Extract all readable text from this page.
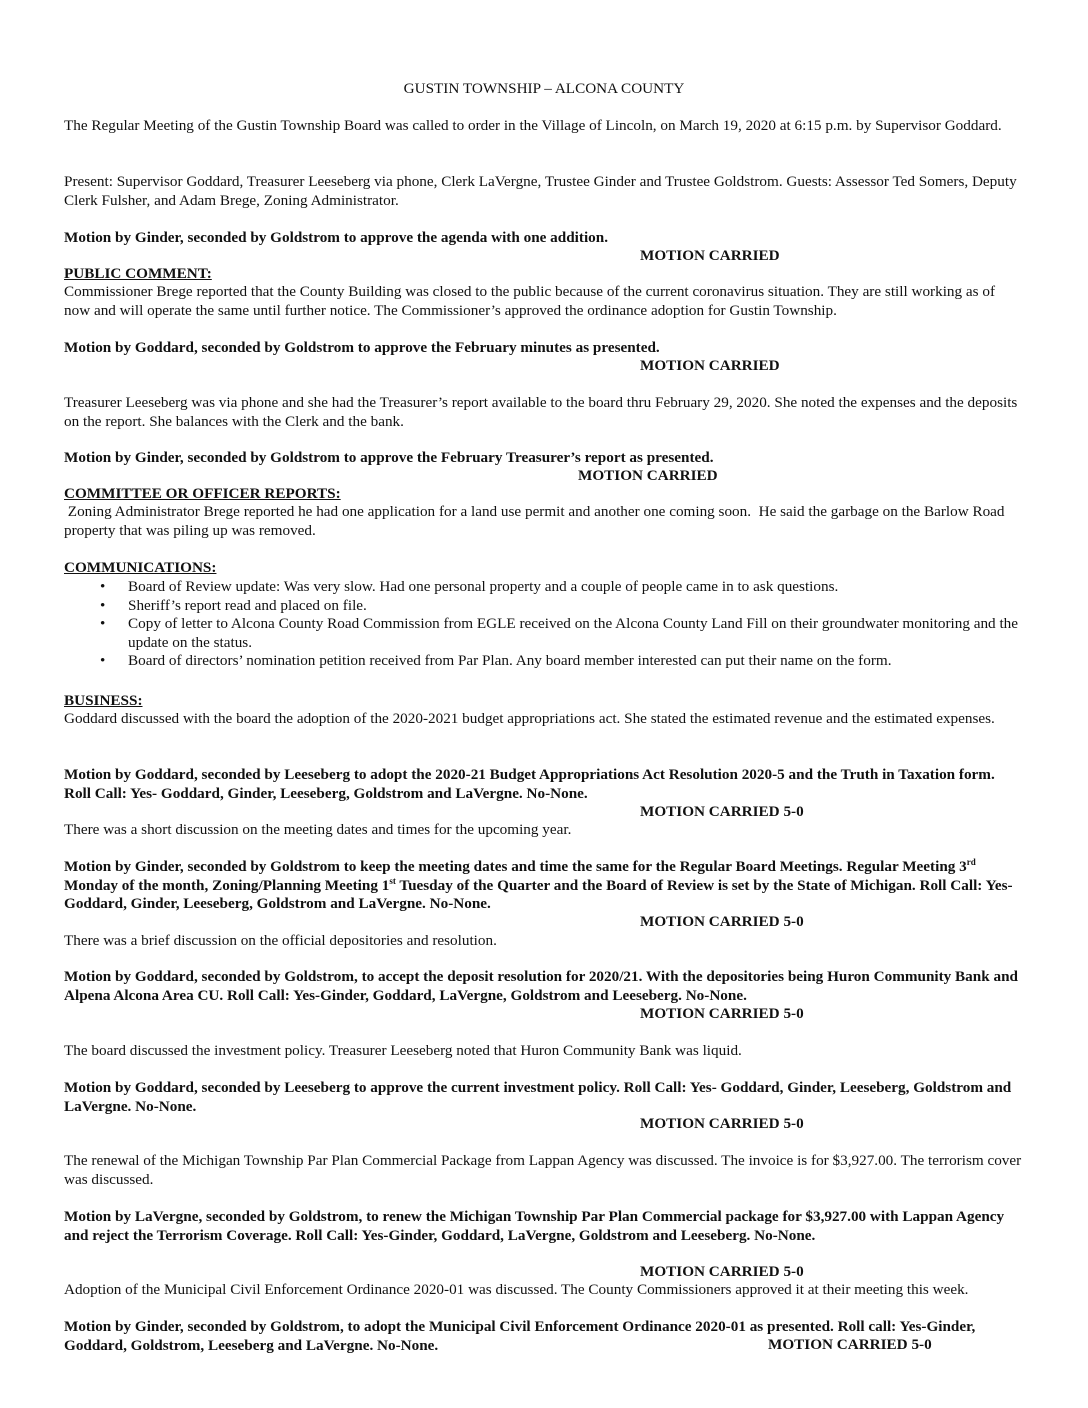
GUSTIN TOWNSHIP – ALCONA COUNTY

The Regular Meeting of the Gustin Township Board was called to order in the Village of Lincoln, on March 19, 2020 at 6:15 p.m. by Supervisor Goddard.

Present: Supervisor Goddard, Treasurer Leeseberg via phone, Clerk LaVergne, Trustee Ginder and Trustee Goldstrom. Guests: Assessor Ted Somers, Deputy Clerk Fulsher, and Adam Brege, Zoning Administrator.

Motion by Ginder, seconded by Goldstrom to approve the agenda with one addition.

MOTION CARRIED

PUBLIC COMMENT:

Commissioner Brege reported that the County Building was closed to the public because of the current coronavirus situation. They are still working as of now and will operate the same until further notice. The Commissioner’s approved the ordinance adoption for Gustin Township.

Motion by Goddard, seconded by Goldstrom to approve the February minutes as presented.

MOTION CARRIED

Treasurer Leeseberg was via phone and she had the Treasurer’s report available to the board thru February 29, 2020. She noted the expenses and the deposits on the report. She balances with the Clerk and the bank.

Motion by Ginder, seconded by Goldstrom to approve the February Treasurer’s report as presented.

MOTION CARRIED

COMMITTEE OR OFFICER REPORTS:

Zoning Administrator Brege reported he had one application for a land use permit and another one coming soon.  He said the garbage on the Barlow Road property that was piling up was removed.

COMMUNICATIONS:

• Board of Review update: Was very slow. Had one personal property and a couple of people came in to ask questions.
• Sheriff’s report read and placed on file.
• Copy of letter to Alcona County Road Commission from EGLE received on the Alcona County Land Fill on their groundwater monitoring and the update on the status.
• Board of directors’ nomination petition received from Par Plan. Any board member interested can put their name on the form.

BUSINESS:

Goddard discussed with the board the adoption of the 2020-2021 budget appropriations act. She stated the estimated revenue and the estimated expenses.

Motion by Goddard, seconded by Leeseberg to adopt the 2020-21 Budget Appropriations Act Resolution 2020-5 and the Truth in Taxation form. Roll Call: Yes- Goddard, Ginder, Leeseberg, Goldstrom and LaVergne. No-None.

MOTION CARRIED 5-0

There was a short discussion on the meeting dates and times for the upcoming year.

Motion by Ginder, seconded by Goldstrom to keep the meeting dates and time the same for the Regular Board Meetings. Regular Meeting 3rd Monday of the month, Zoning/Planning Meeting 1st Tuesday of the Quarter and the Board of Review is set by the State of Michigan. Roll Call: Yes-Goddard, Ginder, Leeseberg, Goldstrom and LaVergne. No-None.

MOTION CARRIED 5-0

There was a brief discussion on the official depositories and resolution.

Motion by Goddard, seconded by Goldstrom, to accept the deposit resolution for 2020/21. With the depositories being Huron Community Bank and Alpena Alcona Area CU. Roll Call: Yes-Ginder, Goddard, LaVergne, Goldstrom and Leeseberg. No-None.

MOTION CARRIED 5-0

The board discussed the investment policy. Treasurer Leeseberg noted that Huron Community Bank was liquid.

Motion by Goddard, seconded by Leeseberg to approve the current investment policy. Roll Call: Yes- Goddard, Ginder, Leeseberg, Goldstrom and LaVergne. No-None.

MOTION CARRIED 5-0

The renewal of the Michigan Township Par Plan Commercial Package from Lappan Agency was discussed. The invoice is for $3,927.00. The terrorism cover was discussed.

Motion by LaVergne, seconded by Goldstrom, to renew the Michigan Township Par Plan Commercial package for $3,927.00 with Lappan Agency and reject the Terrorism Coverage. Roll Call: Yes-Ginder, Goddard, LaVergne, Goldstrom and Leeseberg. No-None.

MOTION CARRIED 5-0

Adoption of the Municipal Civil Enforcement Ordinance 2020-01 was discussed. The County Commissioners approved it at their meeting this week.

Motion by Ginder, seconded by Goldstrom, to adopt the Municipal Civil Enforcement Ordinance 2020-01 as presented. Roll call: Yes-Ginder, Goddard, Goldstrom, Leeseberg and LaVergne. No-None.	MOTION CARRIED 5-0
